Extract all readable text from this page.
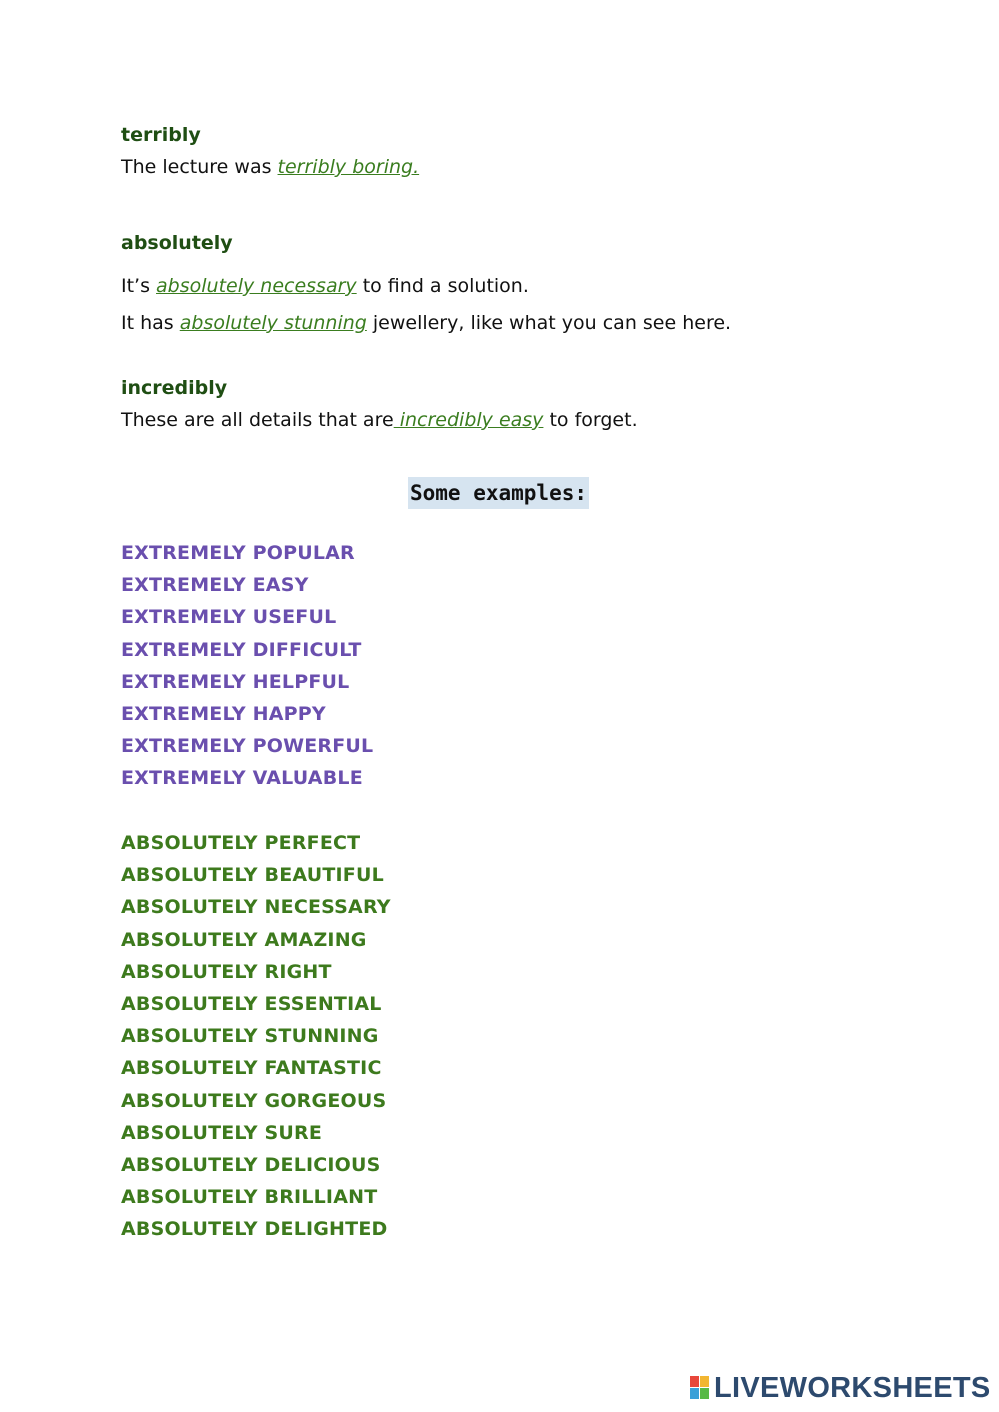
terribly
The lecture was terribly boring.
absolutely
It’s absolutely necessary to find a solution.
It has absolutely stunning jewellery, like what you can see here.
incredibly
These are all details that are incredibly easy to forget.
EXTREMELY POPULAR
EXTREMELY EASY
EXTREMELY USEFUL
EXTREMELY DIFFICULT
EXTREMELY HELPFUL
EXTREMELY HAPPY
EXTREMELY POWERFUL
EXTREMELY VALUABLE
ABSOLUTELY PERFECT
ABSOLUTELY BEAUTIFUL
ABSOLUTELY NECESSARY
ABSOLUTELY AMAZING
ABSOLUTELY RIGHT
ABSOLUTELY ESSENTIAL
ABSOLUTELY STUNNING
ABSOLUTELY FANTASTIC
ABSOLUTELY GORGEOUS
ABSOLUTELY SURE
ABSOLUTELY DELICIOUS
ABSOLUTELY BRILLIANT
ABSOLUTELY DELIGHTED
Some examples:
LIVEWORKSHEETS
